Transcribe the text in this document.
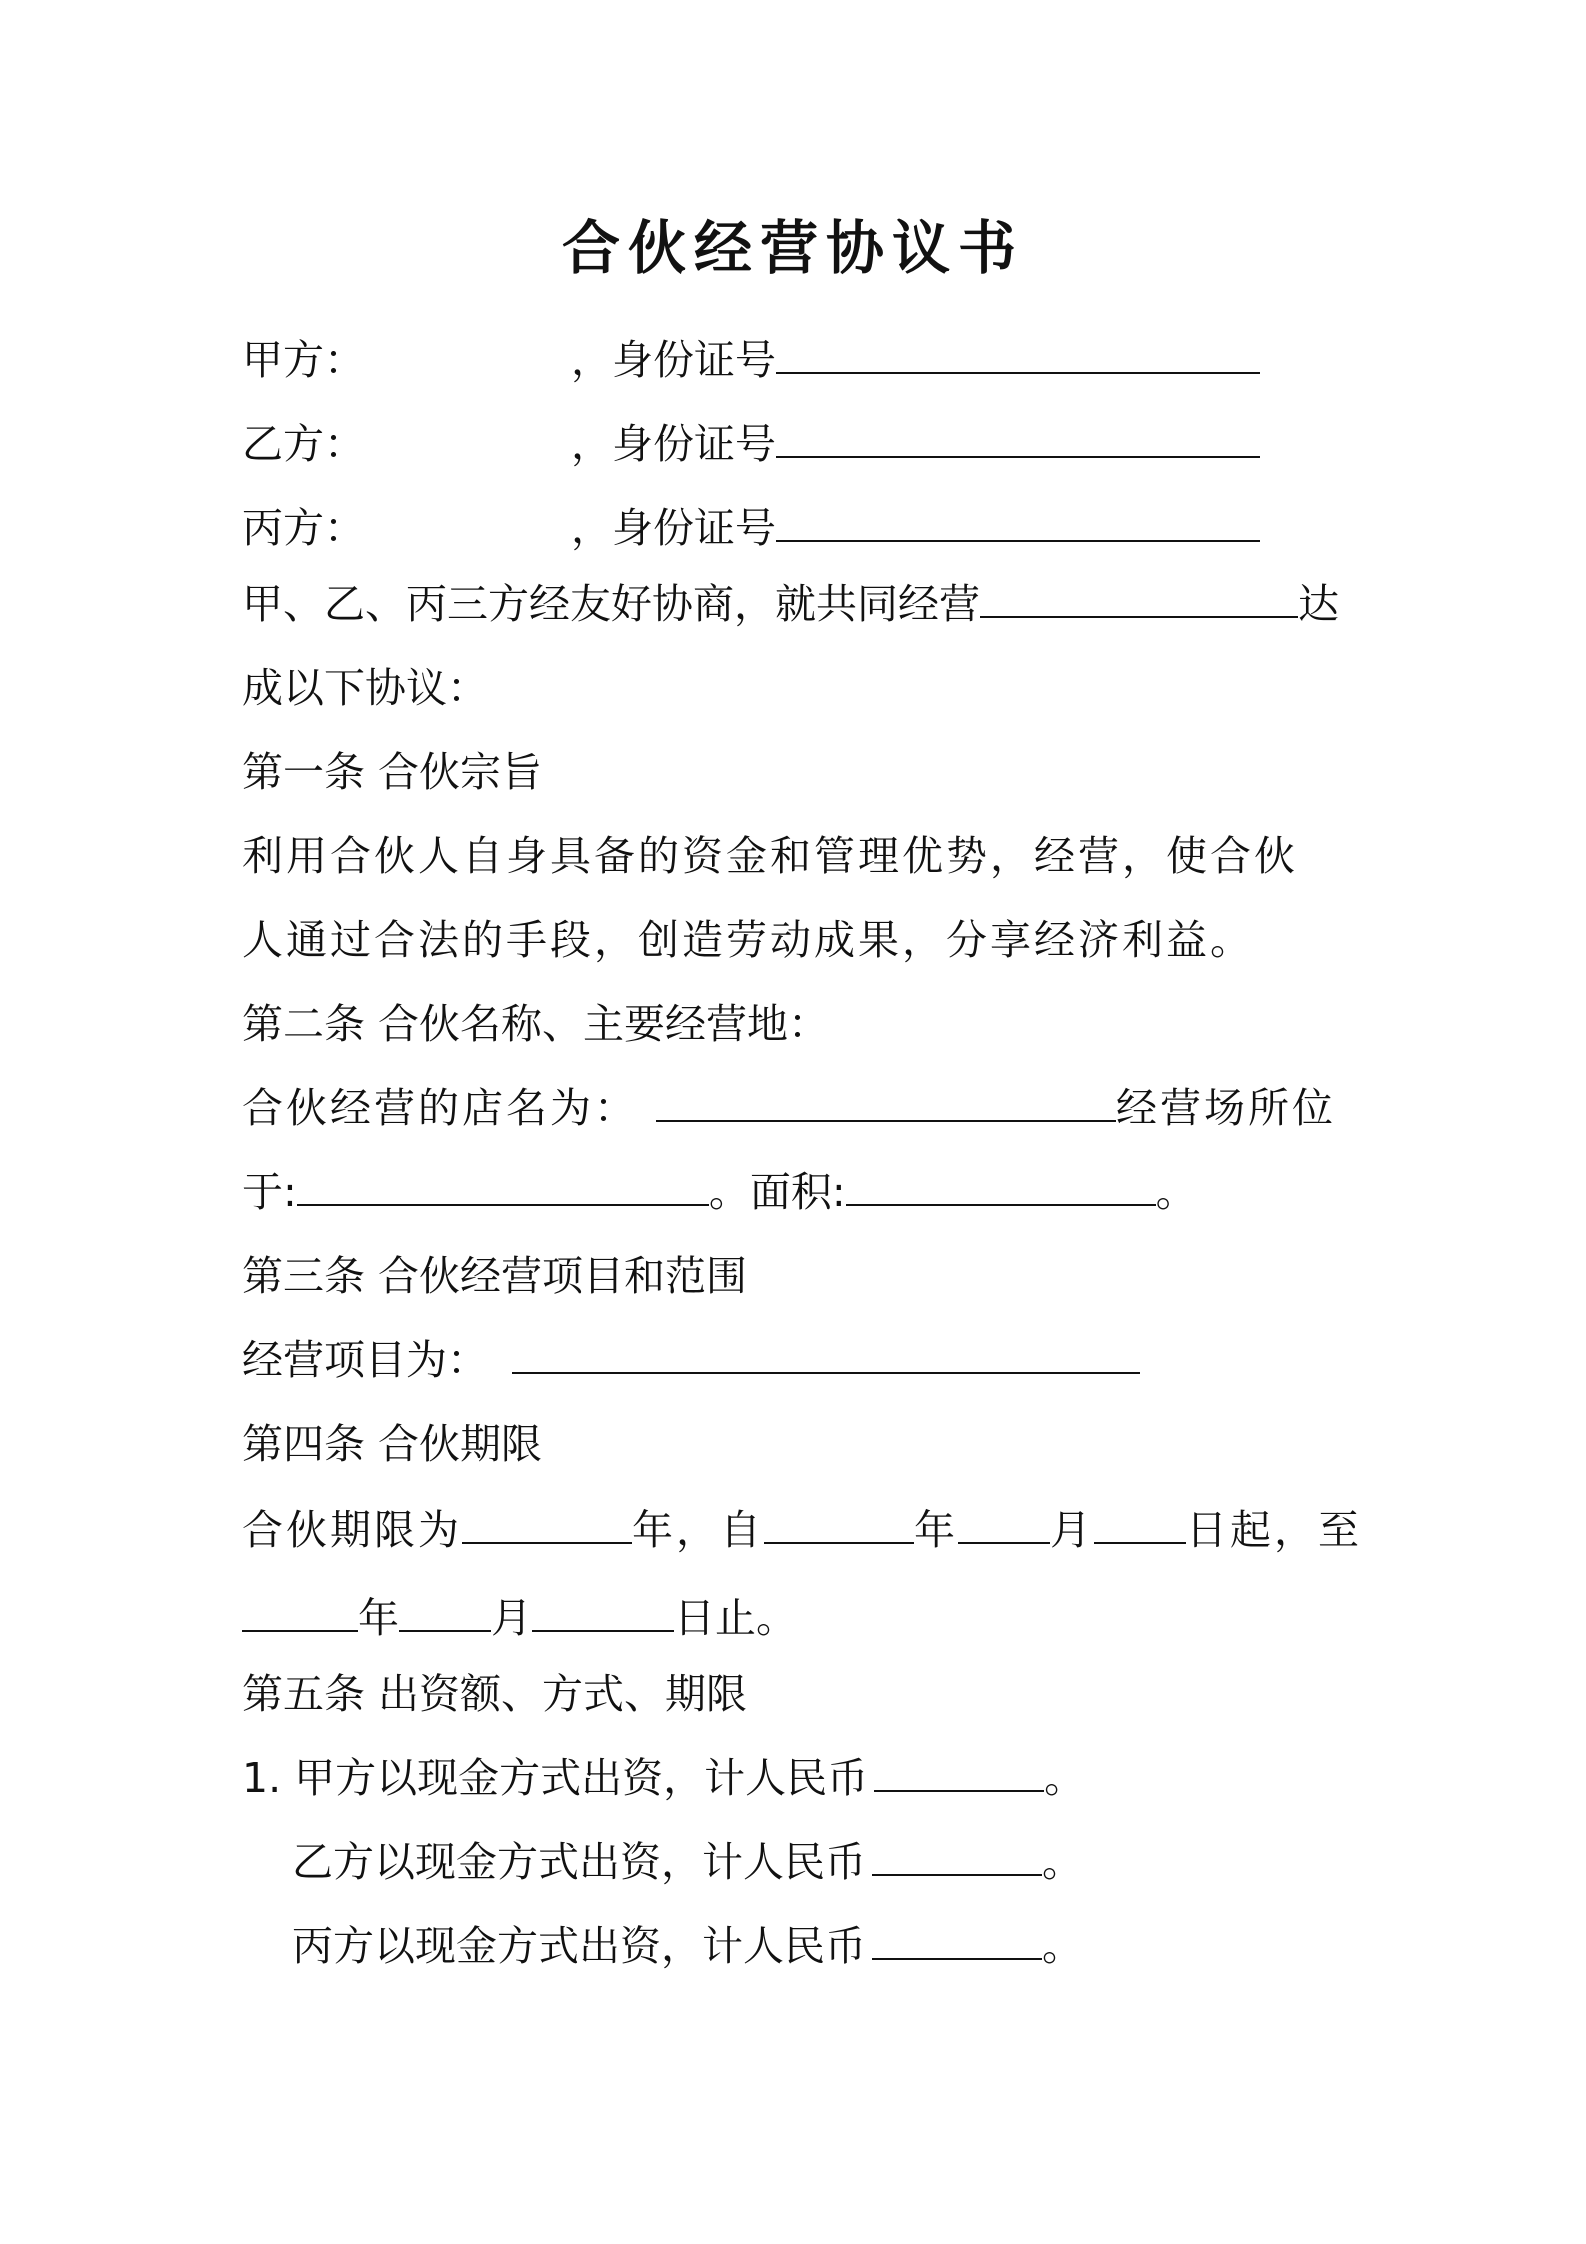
合伙经营协议书
甲方：	，身份证号
乙方：	，身份证号
丙方：	，身份证号
甲、乙、丙三方经友好协商，就共同经营	达
成以下协议：
第一条 合伙宗旨
利用合伙人自身具备的资金和管理优势，经营，使合伙
人通过合法的手段，创造劳动成果，分享经济利益。
第二条 合伙名称、主要经营地：
合伙经营的店名为：	经营场所位
于:	。面积:	。
第三条 合伙经营项目和范围
经营项目为：
第四条 合伙期限
合伙期限为	年，自	年 月 日起，至
年 月	日止。
第五条 出资额、方式、期限
1. 甲方以现金方式出资，计人民币	。
乙方以现金方式出资，计人民币	。
丙方以现金方式出资，计人民币	。
